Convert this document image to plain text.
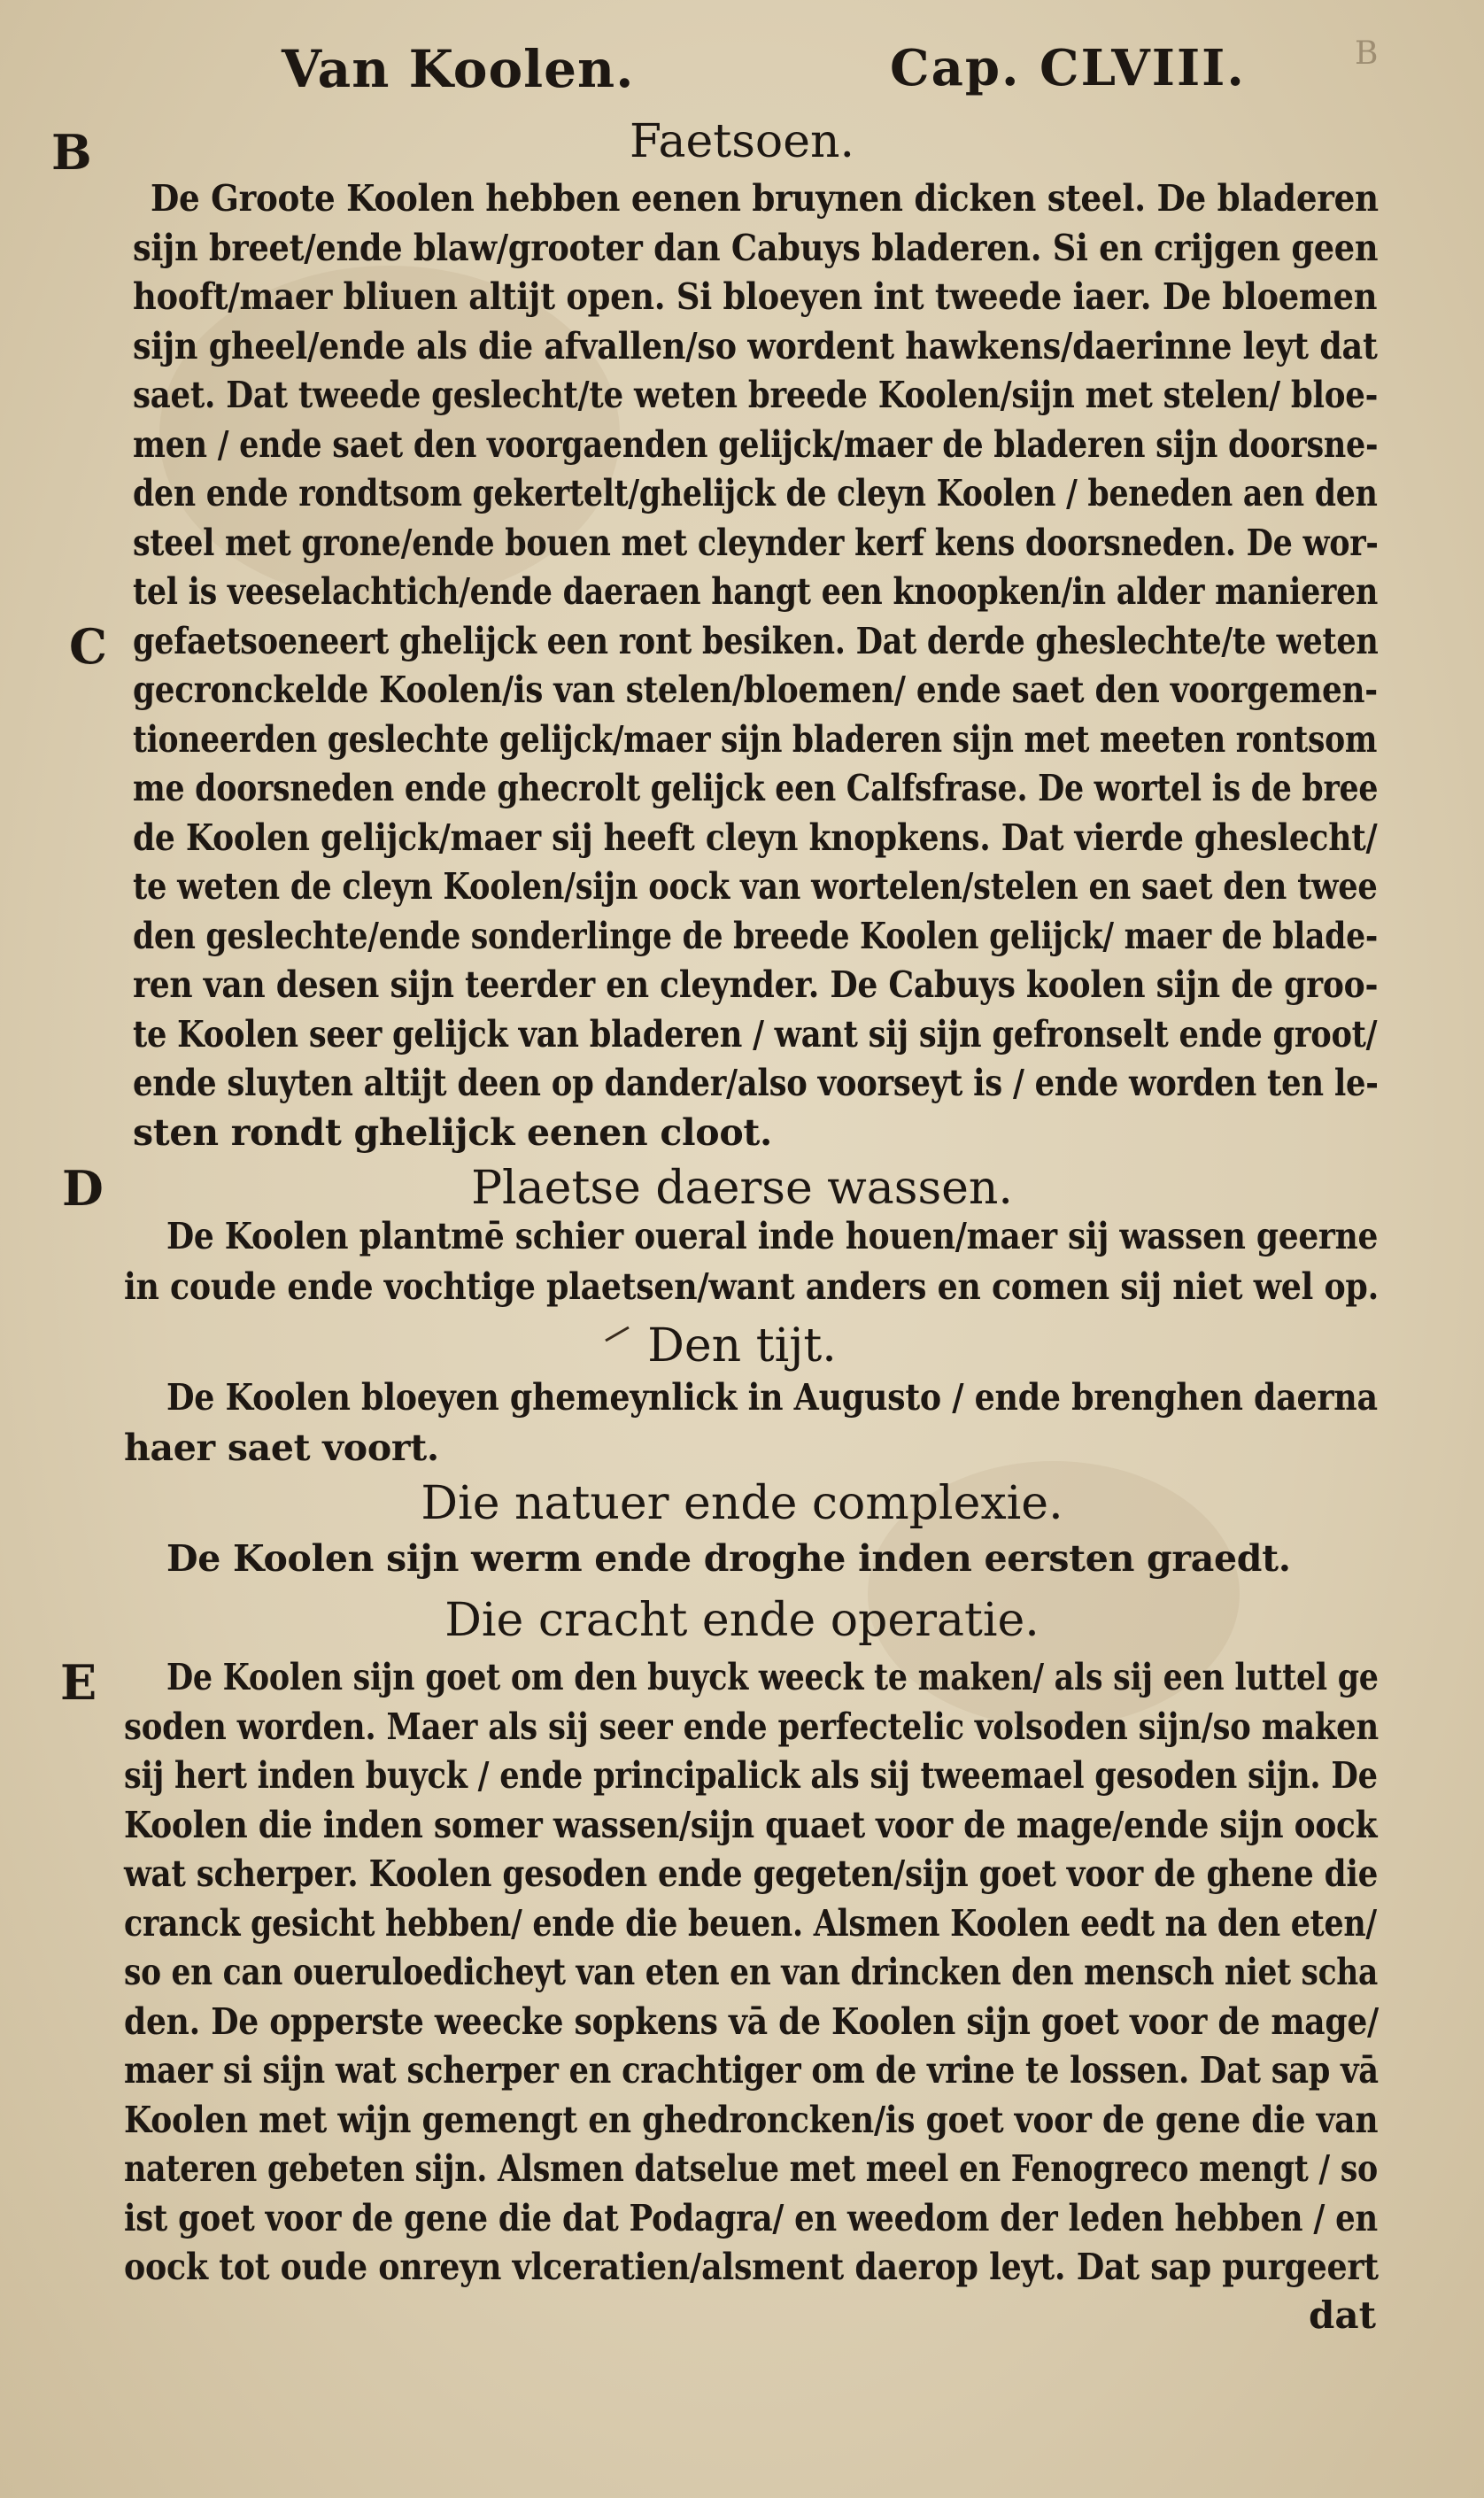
Van Koolen.	Cap. CLVIII.	B
B
C
D
E
Faetsoen.
De Groote Koolen hebben eenen bruynen dicken steel. De bladeren
sijn breet/ende blaw/grooter dan Cabuys bladeren. Si en crijgen geen
hooft/maer bliuen altijt open. Si bloeyen int tweede iaer. De bloemen
sijn gheel/ende als die afvallen/so wordent hawkens/daerinne leyt dat
saet. Dat tweede geslecht/te weten breede Koolen/sijn met stelen/ bloe-
men / ende saet den voorgaenden gelijck/maer de bladeren sijn doorsne-
den ende rondtsom gekertelt/ghelijck de cleyn Koolen / beneden aen den
steel met grone/ende bouen met cleynder kerf kens doorsneden. De wor-
tel is veeselachtich/ende daeraen hangt een knoopken/in alder manieren
gefaetsoeneert ghelijck een ront besiken. Dat derde gheslechte/te weten
gecronckelde Koolen/is van stelen/bloemen/ ende saet den voorgemen-
tioneerden geslechte gelijck/maer sijn bladeren sijn met meeten rontsom
me doorsneden ende ghecrolt gelijck een Calfsfrase. De wortel is de bree
de Koolen gelijck/maer sij heeft cleyn knopkens. Dat vierde gheslecht/
te weten de cleyn Koolen/sijn oock van wortelen/stelen en saet den twee
den geslechte/ende sonderlinge de breede Koolen gelijck/ maer de blade-
ren van desen sijn teerder en cleynder. De Cabuys koolen sijn de groo-
te Koolen seer gelijck van bladeren / want sij sijn gefronselt ende groot/
ende sluyten altijt deen op dander/also voorseyt is / ende worden ten le-
sten rondt ghelijck eenen cloot.
Plaetse daerse wassen.
De Koolen plantmē schier oueral inde houen/maer sij wassen geerne
in coude ende vochtige plaetsen/want anders en comen sij niet wel op.
Den tijt.
De Koolen bloeyen ghemeynlick in Augusto / ende brenghen daerna
haer saet voort.
Die natuer ende complexie.
De Koolen sijn werm ende droghe inden eersten graedt.
Die cracht ende operatie.
De Koolen sijn goet om den buyck weeck te maken/ als sij een luttel ge
soden worden. Maer als sij seer ende perfectelic volsoden sijn/so maken
sij hert inden buyck / ende principalick als sij tweemael gesoden sijn. De
Koolen die inden somer wassen/sijn quaet voor de mage/ende sijn oock
wat scherper. Koolen gesoden ende gegeten/sijn goet voor de ghene die
cranck gesicht hebben/ ende die beuen. Alsmen Koolen eedt na den eten/
so en can oueruloedicheyt van eten en van drincken den mensch niet scha
den. De opperste weecke sopkens vā de Koolen sijn goet voor de mage/
maer si sijn wat scherper en crachtiger om de vrine te lossen. Dat sap vā
Koolen met wijn gemengt en ghedroncken/is goet voor de gene die van
nateren gebeten sijn. Alsmen datselue met meel en Fenogreco mengt / so
ist goet voor de gene die dat Podagra/ en weedom der leden hebben / en
oock tot oude onreyn vlceratien/alsment daerop leyt. Dat sap purgeert
dat
